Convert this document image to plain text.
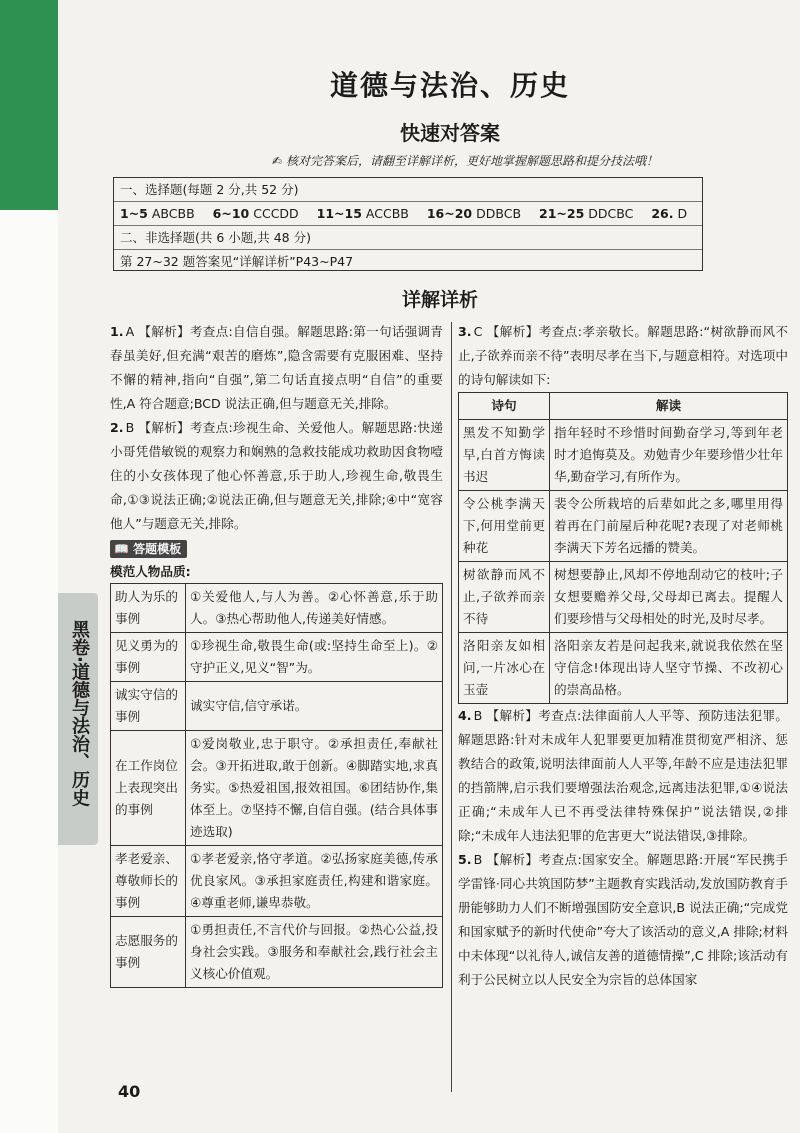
黑卷·道德与法治、历史
道德与法治、历史
快速对答案
✍ 核对完答案后，请翻至详解详析，更好地掌握解题思路和提分技法哦！
一、选择题(每题 2 分,共 52 分)
1~5 ABCBB 6~10 CCCDD 11~15 ACCBB 16~20 DDBCB 21~25 DDCBC 26. D
二、非选择题(共 6 小题,共 48 分)
第 27~32 题答案见“详解详析”P43~P47
详解详析

1. A 【解析】考查点:自信自强。解题思路:第一句话强调青春虽美好,但充满“艰苦的磨炼”,隐含需要有克服困难、坚持不懈的精神,指向“自强”,第二句话直接点明“自信”的重要性,A 符合题意;BCD 说法正确,但与题意无关,排除。

2. B 【解析】考查点:珍视生命、关爱他人。解题思路:快递小哥凭借敏锐的观察力和娴熟的急救技能成功救助因食物噎住的小女孩体现了他心怀善意,乐于助人,珍视生命,敬畏生命,①③说法正确;②说法正确,但与题意无关,排除;④中“宽容他人”与题意无关,排除。

📖 答题模板
模范人物品质:
助人为乐的事例	①关爱他人,与人为善。②心怀善意,乐于助人。③热心帮助他人,传递美好情感。
见义勇为的事例	①珍视生命,敬畏生命(或:坚持生命至上)。②守护正义,见义“智”为。
诚实守信的事例	诚实守信,信守承诺。
在工作岗位上表现突出的事例	①爱岗敬业,忠于职守。②承担责任,奉献社会。③开拓进取,敢于创新。④脚踏实地,求真务实。⑤热爱祖国,报效祖国。⑥团结协作,集体至上。⑦坚持不懈,自信自强。(结合具体事迹选取)
孝老爱亲、尊敬师长的事例	①孝老爱亲,恪守孝道。②弘扬家庭美德,传承优良家风。③承担家庭责任,构建和谐家庭。④尊重老师,谦卑恭敬。
志愿服务的事例	①勇担责任,不言代价与回报。②热心公益,投身社会实践。③服务和奉献社会,践行社会主义核心价值观。

3. C 【解析】考查点:孝亲敬长。解题思路:“树欲静而风不止,子欲养而亲不待”表明尽孝在当下,与题意相符。对选项中的诗句解读如下:

诗句	解读
黑发不知勤学早,白首方悔读书迟	指年轻时不珍惜时间勤奋学习,等到年老时才追悔莫及。劝勉青少年要珍惜少壮年华,勤奋学习,有所作为。
令公桃李满天下,何用堂前更种花	裴令公所栽培的后辈如此之多,哪里用得着再在门前屋后种花呢?表现了对老师桃李满天下芳名远播的赞美。
树欲静而风不止,子欲养而亲不待	树想要静止,风却不停地刮动它的枝叶;子女想要赡养父母,父母却已离去。提醒人们要珍惜与父母相处的时光,及时尽孝。
洛阳亲友如相问,一片冰心在玉壶	洛阳亲友若是问起我来,就说我依然在坚守信念!体现出诗人坚守节操、不改初心的崇高品格。

4. B 【解析】考查点:法律面前人人平等、预防违法犯罪。解题思路:针对未成年人犯罪要更加精准贯彻宽严相济、惩教结合的政策,说明法律面前人人平等,年龄不应是违法犯罪的挡箭牌,启示我们要增强法治观念,远离违法犯罪,①④说法正确;“未成年人已不再受法律特殊保护”说法错误,②排除;“未成年人违法犯罪的危害更大”说法错误,③排除。

5. B 【解析】考查点:国家安全。解题思路:开展“军民携手学雷锋·同心共筑国防梦”主题教育实践活动,发放国防教育手册能够助力人们不断增强国防安全意识,B 说法正确;“完成党和国家赋予的新时代使命”夸大了该活动的意义,A 排除;材料中未体现“以礼待人,诚信友善的道德情操”,C 排除;该活动有利于公民树立以人民安全为宗旨的总体国家

40
